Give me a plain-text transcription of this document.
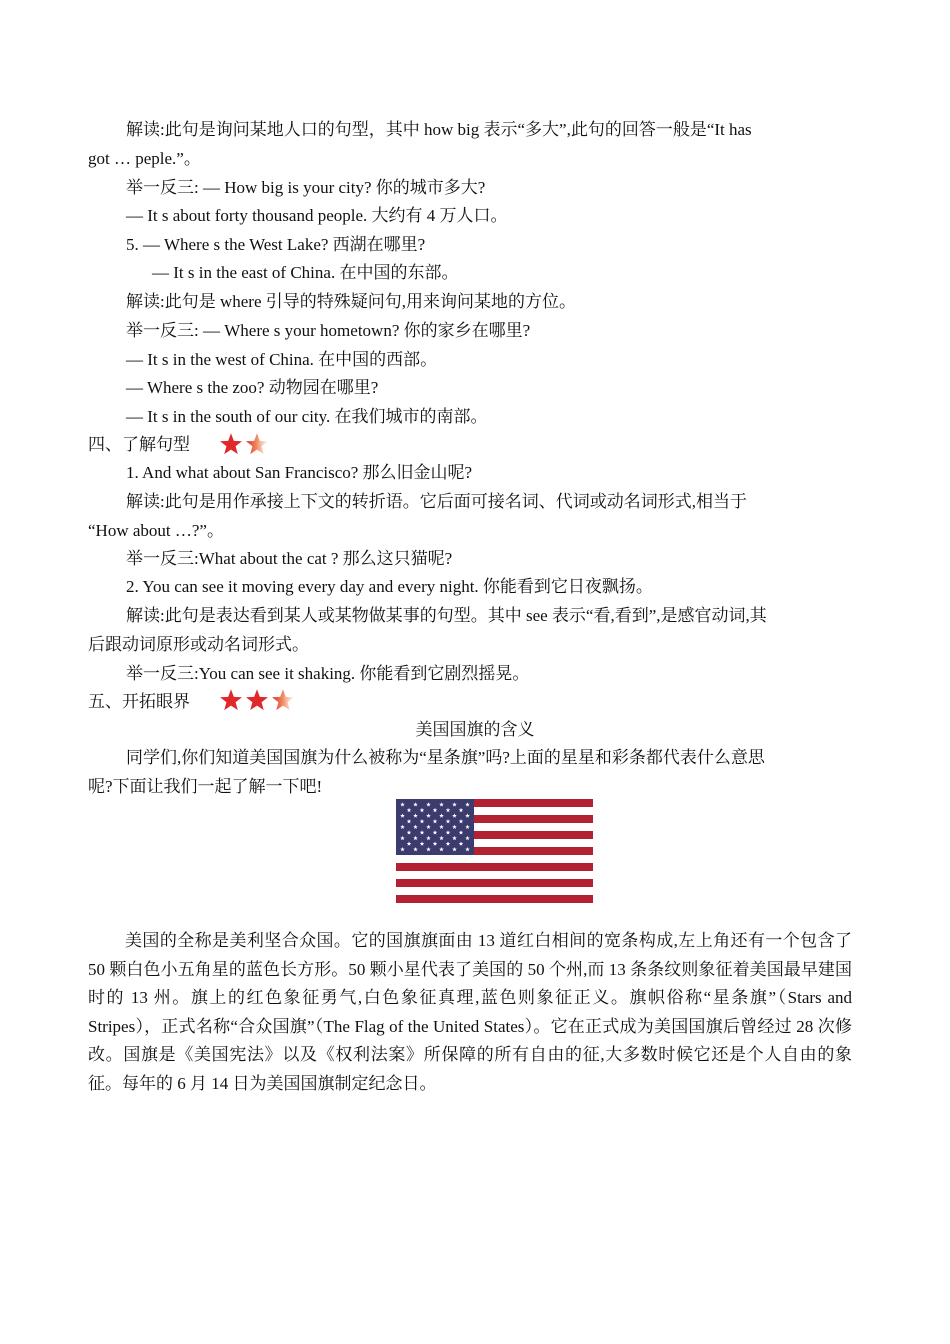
解读:此句是询问某地人口的句型，其中 how big 表示“多大”,此句的回答一般是“It has
got … peple.”。
举一反三: — How big is your city? 你的城市多大?
— It s about forty thousand people. 大约有 4 万人口。
5. — Where s the West Lake? 西湖在哪里?
— It s in the east of China. 在中国的东部。
解读:此句是 where 引导的特殊疑问句,用来询问某地的方位。
举一反三: — Where s your hometown? 你的家乡在哪里?
— It s in the west of China. 在中国的西部。
— Where s the zoo? 动物园在哪里?
— It s in the south of our city. 在我们城市的南部。
四、了解句型
1. And what about San Francisco? 那么旧金山呢?
解读:此句是用作承接上下文的转折语。它后面可接名词、代词或动名词形式,相当于
“How about …?”。
举一反三:What about the cat ? 那么这只猫呢?
2. You can see it moving every day and every night. 你能看到它日夜飘扬。
解读:此句是表达看到某人或某物做某事的句型。其中 see 表示“看,看到”,是感官动词,其
后跟动词原形或动名词形式。
举一反三:You can see it shaking. 你能看到它剧烈摇晃。
五、开拓眼界
美国国旗的含义
同学们,你们知道美国国旗为什么被称为“星条旗”吗?上面的星星和彩条都代表什么意思
呢?下面让我们一起了解一下吧!
美国的全称是美利坚合众国。它的国旗旗面由 13 道红白相间的宽条构成,左上角还有一个包含了 50 颗白色小五角星的蓝色长方形。50 颗小星代表了美国的 50 个州,而 13 条条纹则象征着美国最早建国时的 13 州。旗上的红色象征勇气,白色象征真理,蓝色则象征正义。旗帜俗称“星条旗”（Stars and Stripes），正式名称“合众国旗”（The Flag of the United States）。它在正式成为美国国旗后曾经过 28 次修改。国旗是《美国宪法》以及《权利法案》所保障的所有自由的征,大多数时候它还是个人自由的象征。每年的 6 月 14 日为美国国旗制定纪念日。
